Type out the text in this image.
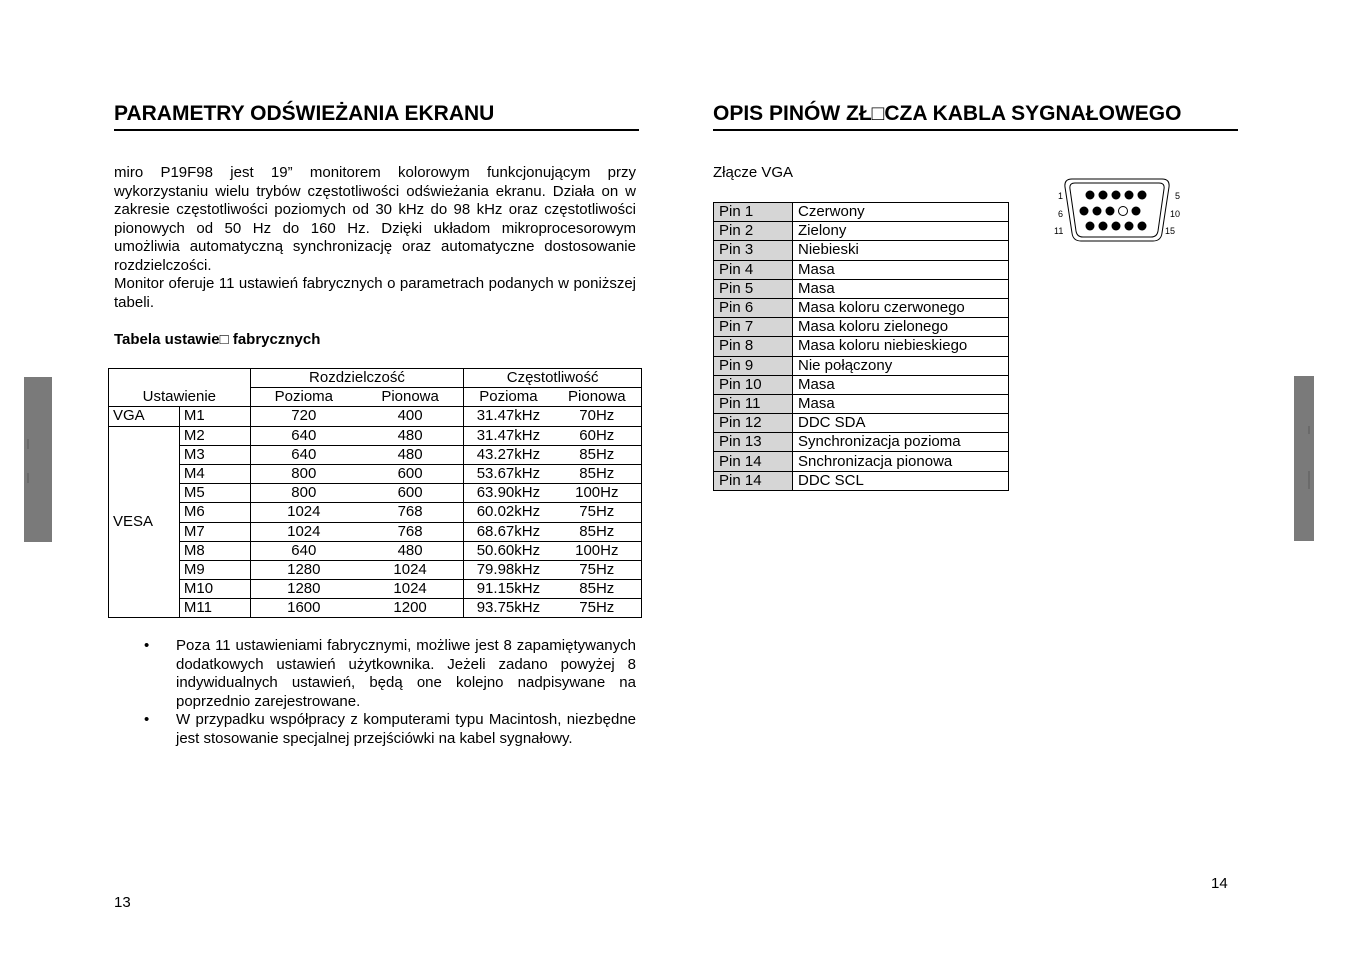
PARAMETRY ODŚWIEŻANIA EKRANU

miro P19F98 jest 19” monitorem kolorowym funkcjonującym przy wykorzystaniu wielu trybów częstotliwości odświeżania ekranu. Działa on w zakresie częstotliwości poziomych od 30 kHz do 98 kHz oraz częstotliwości pionowych od 50 Hz do 160 Hz. Dzięki układom mikroprocesorowym umożliwia automatyczną synchronizację oraz automatyczne dostosowanie rozdzielczości.

Monitor oferuje 11 ustawień fabrycznych o parametrach podanych w poniższej tabeli.

Tabela ustawie□ fabrycznych
Ustawienie		Rozdzielczość		Częstotliwość	
		Pozioma	Pionowa	Pozioma	Pionowa
VGA	M1	720	400	31.47kHz	70Hz
VESA	M2	640	480	31.47kHz	60Hz
	M3	640	480	43.27kHz	85Hz
	M4	800	600	53.67kHz	85Hz
	M5	800	600	63.90kHz	100Hz
	M6	1024	768	60.02kHz	75Hz
	M7	1024	768	68.67kHz	85Hz
	M8	640	480	50.60kHz	100Hz
	M9	1280	1024	79.98kHz	75Hz
	M10	1280	1024	91.15kHz	85Hz
	M11	1600	1200	93.75kHz	75Hz
• Poza 11 ustawieniami fabrycznymi, możliwe jest 8 zapamiętywanych dodatkowych ustawień użytkownika. Jeżeli zadano powyżej 8 indywidualnych ustawień, będą one kolejno nadpisywane na poprzednio zarejestrowane.
• W przypadku współpracy z komputerami typu Macintosh, niezbędne jest stosowanie specjalnej przejściówki na kabel sygnałowy.
13
OPIS PINÓW ZŁ□CZA KABLA SYGNAŁOWEGO
Złącze VGA
Pin 1	Czerwony
Pin 2	Zielony
Pin 3	Niebieski
Pin 4	Masa
Pin 5	Masa
Pin 6	Masa koloru czerwonego
Pin 7	Masa koloru zielonego
Pin 8	Masa koloru niebieskiego
Pin 9	Nie połączony
Pin 10	Masa
Pin 11	Masa
Pin 12	DDC SDA
Pin 13	Synchronizacja pozioma
Pin 14	Snchronizacja pionowa
Pin 14	DDC SCL
1
6
11
5
10
15
14
